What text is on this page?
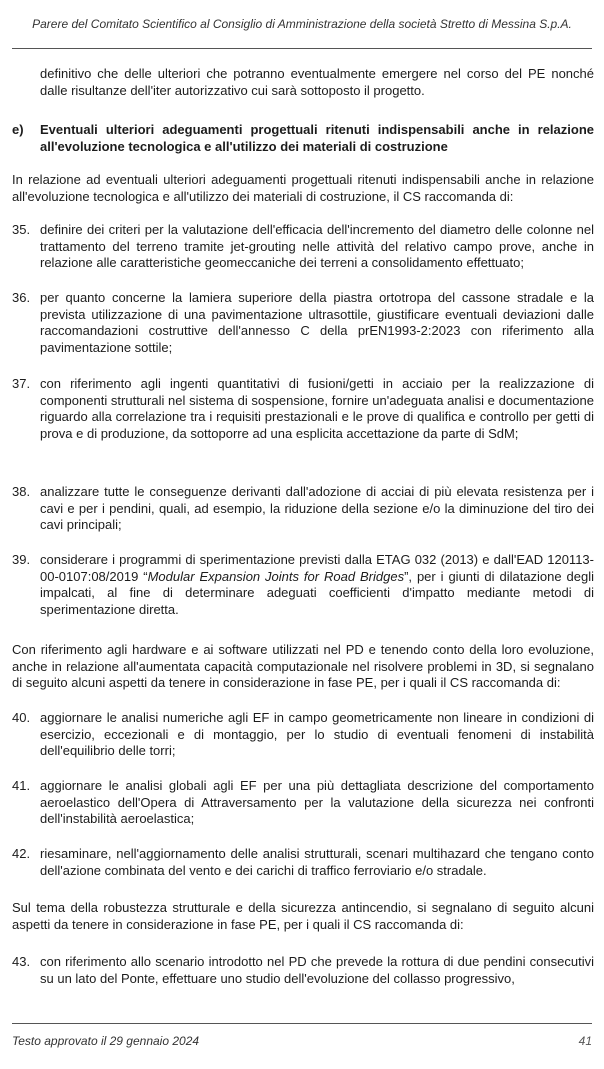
Parere del Comitato Scientifico al Consiglio di Amministrazione della società Stretto di Messina S.p.A.
definitivo che delle ulteriori che potranno eventualmente emergere nel corso del PE nonché dalle risultanze dell'iter autorizzativo cui sarà sottoposto il progetto.
e) Eventuali ulteriori adeguamenti progettuali ritenuti indispensabili anche in relazione all'evoluzione tecnologica e all'utilizzo dei materiali di costruzione
In relazione ad eventuali ulteriori adeguamenti progettuali ritenuti indispensabili anche in relazione all'evoluzione tecnologica e all'utilizzo dei materiali di costruzione, il CS raccomanda di:
35. definire dei criteri per la valutazione dell'efficacia dell'incremento del diametro delle colonne nel trattamento del terreno tramite jet-grouting nelle attività del relativo campo prove, anche in relazione alle caratteristiche geomeccaniche dei terreni a consolidamento effettuato;
36. per quanto concerne la lamiera superiore della piastra ortotropa del cassone stradale e la prevista utilizzazione di una pavimentazione ultrasottile, giustificare eventuali deviazioni dalle raccomandazioni costruttive dell'annesso C della prEN1993-2:2023 con riferimento alla pavimentazione sottile;
37. con riferimento agli ingenti quantitativi di fusioni/getti in acciaio per la realizzazione di componenti strutturali nel sistema di sospensione, fornire un'adeguata analisi e documentazione riguardo alla correlazione tra i requisiti prestazionali e le prove di qualifica e controllo per getti di prova e di produzione, da sottoporre ad una esplicita accettazione da parte di SdM;
38. analizzare tutte le conseguenze derivanti dall'adozione di acciai di più elevata resistenza per i cavi e per i pendini, quali, ad esempio, la riduzione della sezione e/o la diminuzione del tiro dei cavi principali;
39. considerare i programmi di sperimentazione previsti dalla ETAG 032 (2013) e dall'EAD 120113-00-0107:08/2019 “Modular Expansion Joints for Road Bridges”, per i giunti di dilatazione degli impalcati, al fine di determinare adeguati coefficienti d'impatto mediante metodi di sperimentazione diretta.
Con riferimento agli hardware e ai software utilizzati nel PD e tenendo conto della loro evoluzione, anche in relazione all'aumentata capacità computazionale nel risolvere problemi in 3D, si segnalano di seguito alcuni aspetti da tenere in considerazione in fase PE, per i quali il CS raccomanda di:
40. aggiornare le analisi numeriche agli EF in campo geometricamente non lineare in condizioni di esercizio, eccezionali e di montaggio, per lo studio di eventuali fenomeni di instabilità dell'equilibrio delle torri;
41. aggiornare le analisi globali agli EF per una più dettagliata descrizione del comportamento aeroelastico dell'Opera di Attraversamento per la valutazione della sicurezza nei confronti dell'instabilità aeroelastica;
42. riesaminare, nell'aggiornamento delle analisi strutturali, scenari multihazard che tengano conto dell'azione combinata del vento e dei carichi di traffico ferroviario e/o stradale.
Sul tema della robustezza strutturale e della sicurezza antincendio, si segnalano di seguito alcuni aspetti da tenere in considerazione in fase PE, per i quali il CS raccomanda di:
43. con riferimento allo scenario introdotto nel PD che prevede la rottura di due pendini consecutivi su un lato del Ponte, effettuare uno studio dell'evoluzione del collasso progressivo,
Testo approvato il 29 gennaio 2024	41
